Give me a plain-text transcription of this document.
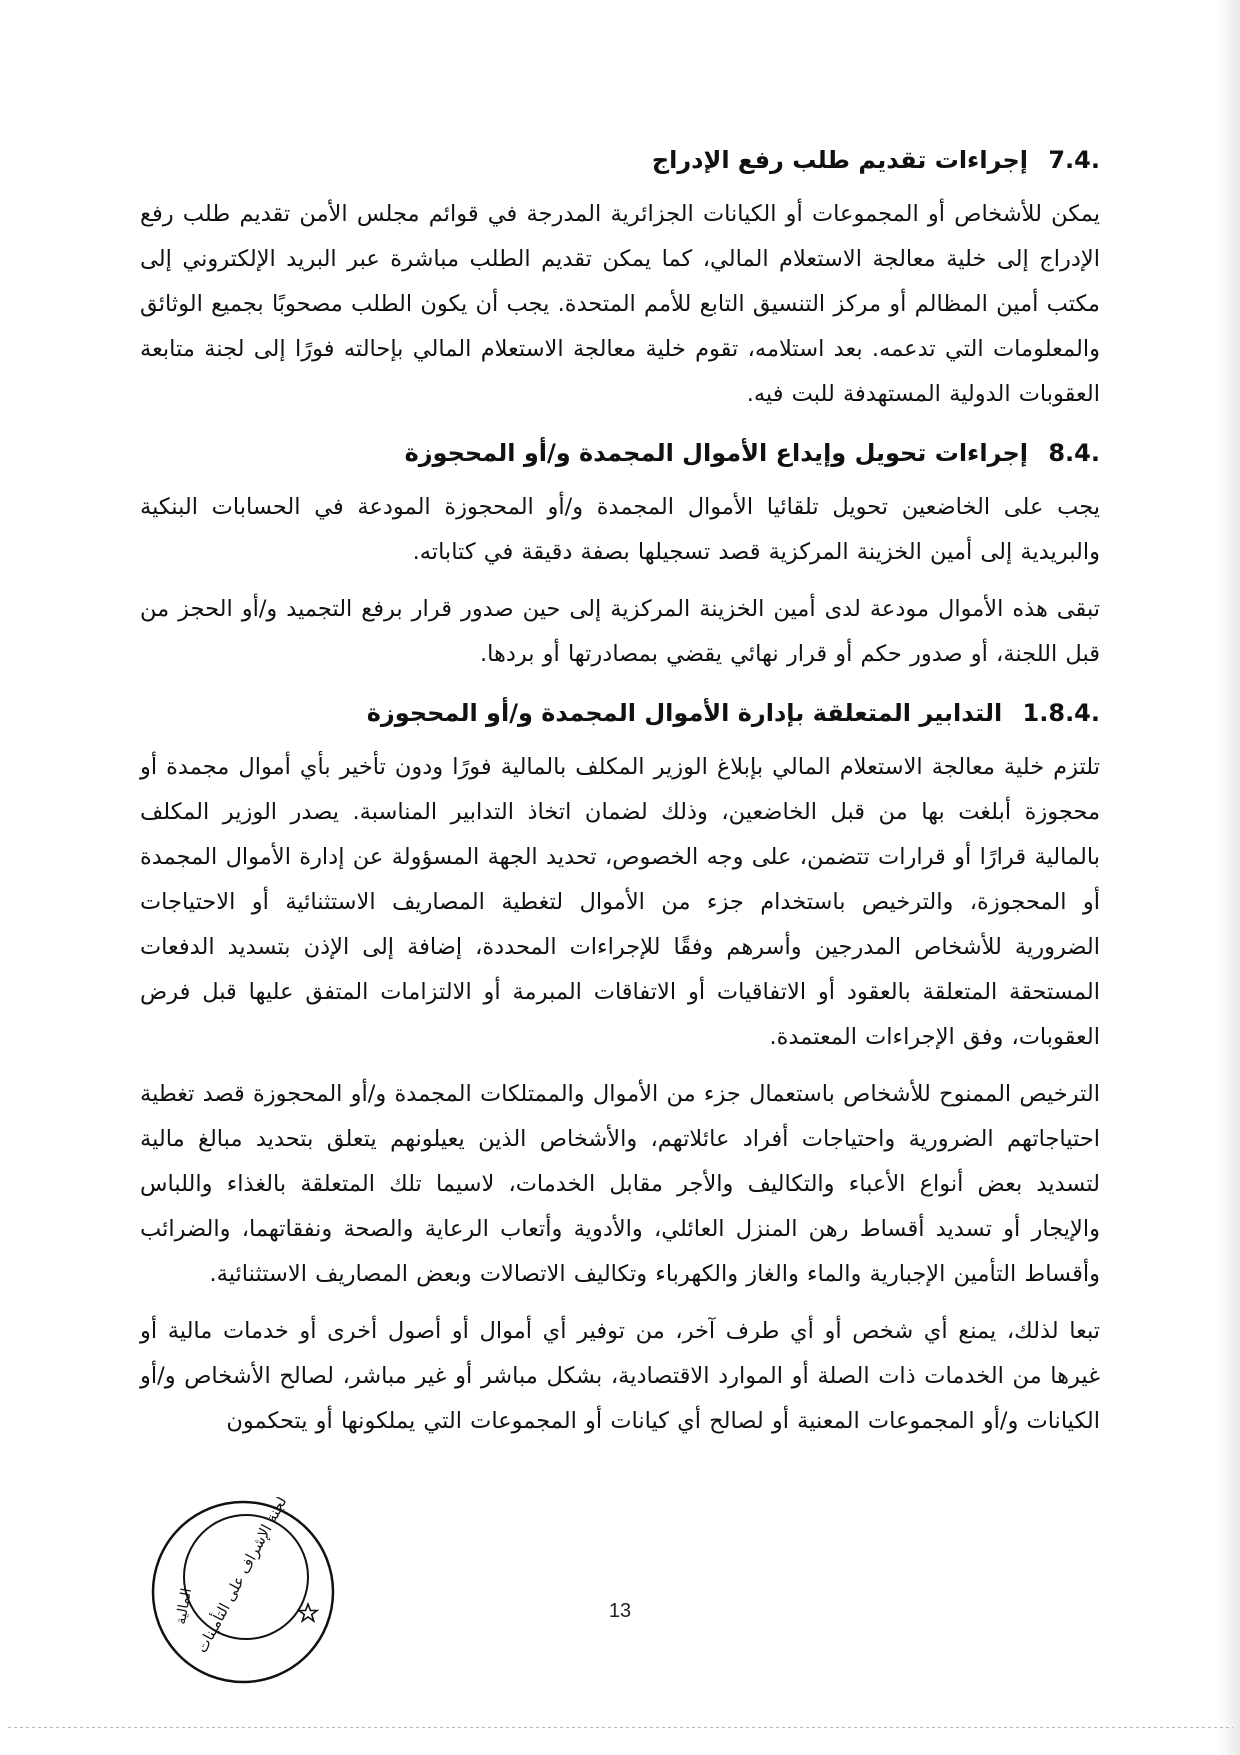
7.4. إجراءات تقديم طلب رفع الإدراج

يمكن للأشخاص أو المجموعات أو الكيانات الجزائرية المدرجة في قوائم مجلس الأمن تقديم طلب رفع الإدراج إلى خلية معالجة الاستعلام المالي، كما يمكن تقديم الطلب مباشرة عبر البريد الإلكتروني إلى مكتب أمين المظالم أو مركز التنسيق التابع للأمم المتحدة. يجب أن يكون الطلب مصحوبًا بجميع الوثائق والمعلومات التي تدعمه. بعد استلامه، تقوم خلية معالجة الاستعلام المالي بإحالته فورًا إلى لجنة متابعة العقوبات الدولية المستهدفة للبت فيه.

8.4. إجراءات تحويل وإيداع الأموال المجمدة و/أو المحجوزة

يجب على الخاضعين تحويل تلقائيا الأموال المجمدة و/أو المحجوزة المودعة في الحسابات البنكية والبريدية إلى أمين الخزينة المركزية قصد تسجيلها بصفة دقيقة في كتاباته.

تبقى هذه الأموال مودعة لدى أمين الخزينة المركزية إلى حين صدور قرار برفع التجميد و/أو الحجز من قبل اللجنة، أو صدور حكم أو قرار نهائي يقضي بمصادرتها أو بردها.

1.8.4. التدابير المتعلقة بإدارة الأموال المجمدة و/أو المحجوزة

تلتزم خلية معالجة الاستعلام المالي بإبلاغ الوزير المكلف بالمالية فورًا ودون تأخير بأي أموال مجمدة أو محجوزة أبلغت بها من قبل الخاضعين، وذلك لضمان اتخاذ التدابير المناسبة. يصدر الوزير المكلف بالمالية قرارًا أو قرارات تتضمن، على وجه الخصوص، تحديد الجهة المسؤولة عن إدارة الأموال المجمدة أو المحجوزة، والترخيص باستخدام جزء من الأموال لتغطية المصاريف الاستثنائية أو الاحتياجات الضرورية للأشخاص المدرجين وأسرهم وفقًا للإجراءات المحددة، إضافة إلى الإذن بتسديد الدفعات المستحقة المتعلقة بالعقود أو الاتفاقيات أو الاتفاقات المبرمة أو الالتزامات المتفق عليها قبل فرض العقوبات، وفق الإجراءات المعتمدة.

الترخيص الممنوح للأشخاص باستعمال جزء من الأموال والممتلكات المجمدة و/أو المحجوزة قصد تغطية احتياجاتهم الضرورية واحتياجات أفراد عائلاتهم، والأشخاص الذين يعيلونهم يتعلق بتحديد مبالغ مالية لتسديد بعض أنواع الأعباء والتكاليف والأجر مقابل الخدمات، لاسيما تلك المتعلقة بالغذاء واللباس والإيجار أو تسديد أقساط رهن المنزل العائلي، والأدوية وأتعاب الرعاية والصحة ونفقاتهما، والضرائب وأقساط التأمين الإجبارية والماء والغاز والكهرباء وتكاليف الاتصالات وبعض المصاريف الاستثنائية.

تبعا لذلك، يمنع أي شخص أو أي طرف آخر، من توفير أي أموال أو أصول أخرى أو خدمات مالية أو غيرها من الخدمات ذات الصلة أو الموارد الاقتصادية، بشكل مباشر أو غير مباشر، لصالح الأشخاص و/أو الكيانات و/أو المجموعات المعنية أو لصالح أي كيانات أو المجموعات التي يملكونها أو يتحكمون

لجنة الإشراف على التأمينات
المالية	13
